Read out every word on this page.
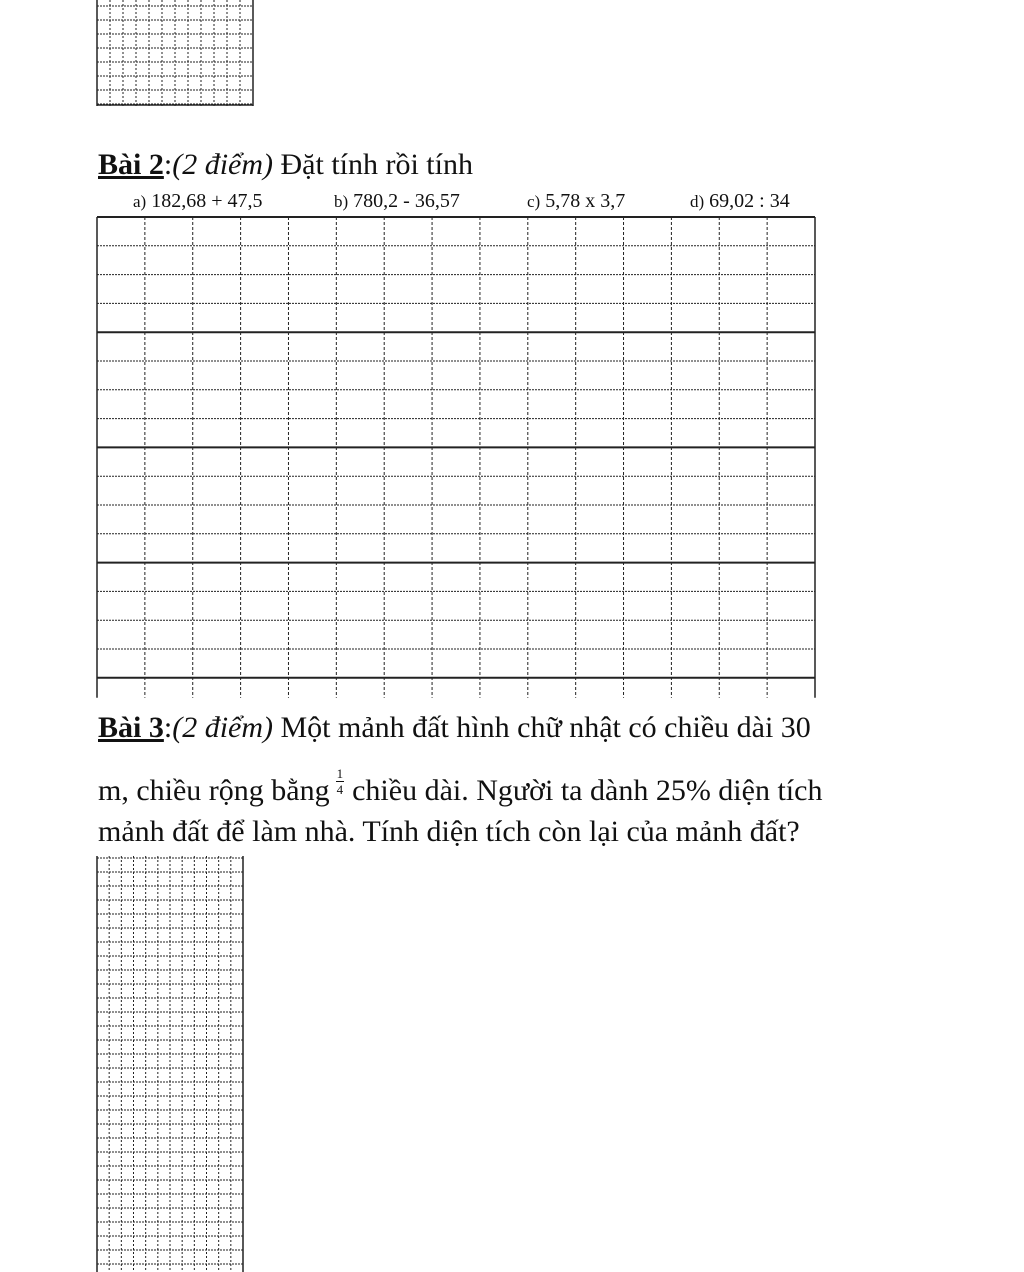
Bài 2:(2 điểm) Đặt tính rồi tính
a) 182,68 + 47,5	b) 780,2 - 36,57	c) 5,78 x 3,7	d) 69,02 : 34
Bài 3:(2 điểm) Một mảnh đất hình chữ nhật có chiều dài 30
m, chiều rộng bằng $\frac{1}{4}$ chiều dài. Người ta dành 25% diện tích
mảnh đất để làm nhà. Tính diện tích còn lại của mảnh đất?
